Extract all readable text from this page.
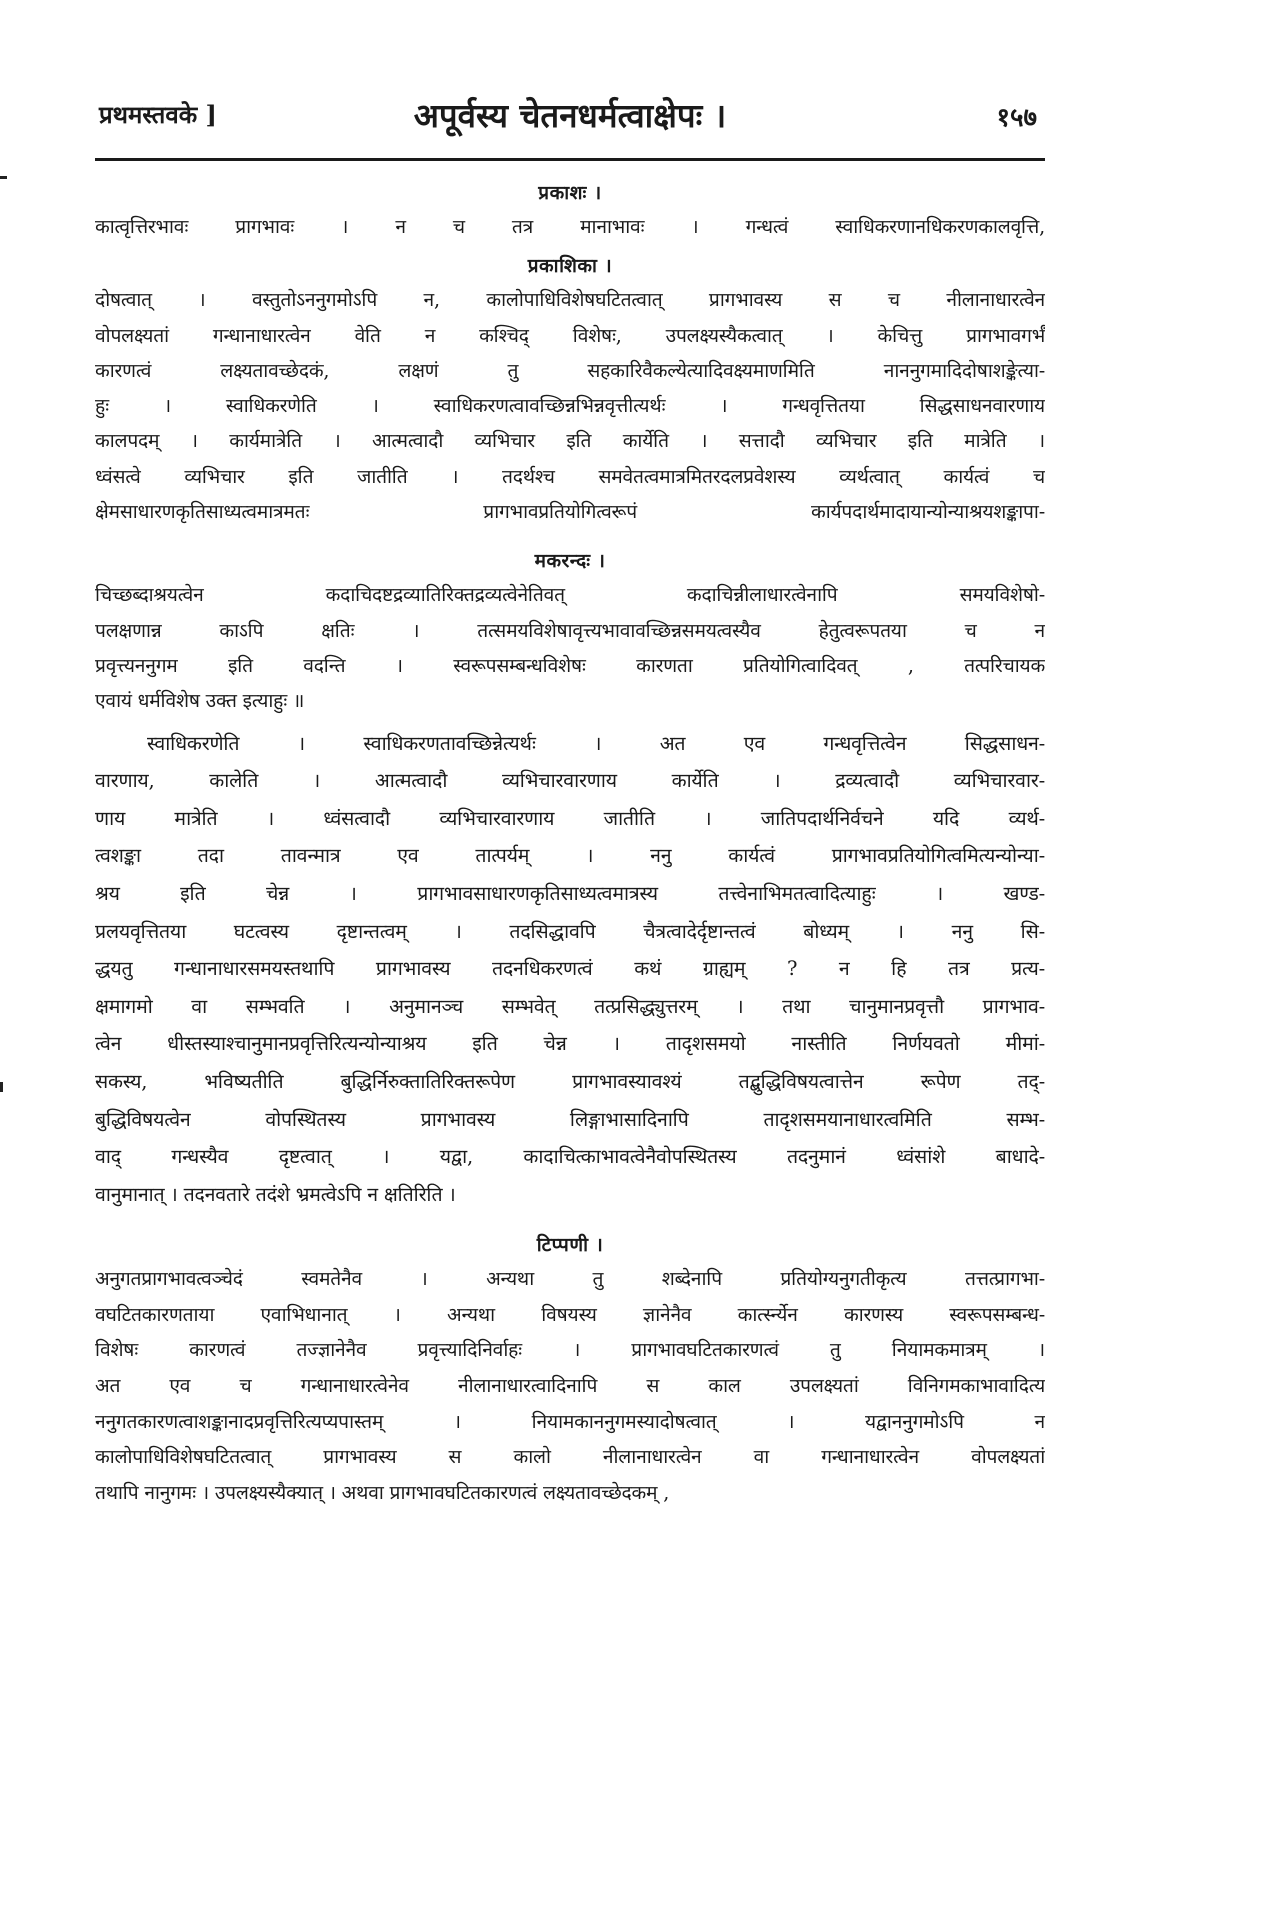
प्रथमस्तवके ]	अपूर्वस्य चेतनधर्मत्वाक्षेपः ।	१५७
प्रकाशः ।
कात्वृत्तिरभावः प्रागभावः । न च तत्र मानाभावः । गन्धत्वं स्वाधिकरणानधिकरणकालवृत्ति,
प्रकाशिका ।
दोषत्वात् । वस्तुतोऽननुगमोऽपि न, कालोपाधिविशेषघटितत्वात् प्रागभावस्य स च नीलानाधारत्वेन
वोपलक्ष्यतां गन्धानाधारत्वेन वेति न कश्चिद् विशेषः, उपलक्ष्यस्यैकत्वात् । केचित्तु प्रागभावगर्भं
कारणत्वं लक्ष्यतावच्छेदकं, लक्षणं तु सहकारिवैकल्येत्यादिवक्ष्यमाणमिति नाननुगमादिदोषाशङ्केत्या-
हुः । स्वाधिकरणेति । स्वाधिकरणत्वावच्छिन्नभिन्नवृत्तीत्यर्थः । गन्धवृत्तितया सिद्धसाधनवारणाय
कालपदम् । कार्यमात्रेति । आत्मत्वादौ व्यभिचार इति कार्येति । सत्तादौ व्यभिचार इति मात्रेति ।
ध्वंसत्वे व्यभिचार इति जातीति । तदर्थश्च समवेतत्वमात्रमितरदलप्रवेशस्य व्यर्थत्वात् कार्यत्वं च
क्षेमसाधारणकृतिसाध्यत्वमात्रमतः प्रागभावप्रतियोगित्वरूपं कार्यपदार्थमादायान्योन्याश्रयशङ्कापा-
मकरन्दः ।
चिच्छब्दाश्रयत्वेन कदाचिदष्टद्रव्यातिरिक्तद्रव्यत्वेनेतिवत् कदाचिन्नीलाधारत्वेनापि समयविशेषो-
पलक्षणान्न काऽपि क्षतिः । तत्समयविशेषावृत्त्यभावावच्छिन्नसमयत्वस्यैव हेतुत्वरूपतया च न
प्रवृत्त्यननुगम इति वदन्ति । स्वरूपसम्बन्धविशेषः कारणता प्रतियोगित्वादिवत् , तत्परिचायक
एवायं धर्मविशेष उक्त इत्याहुः ॥
स्वाधिकरणेति । स्वाधिकरणतावच्छिन्नेत्यर्थः । अत एव गन्धवृत्तित्वेन सिद्धसाधन-
वारणाय, कालेति । आत्मत्वादौ व्यभिचारवारणाय कार्येति । द्रव्यत्वादौ व्यभिचारवार-
णाय मात्रेति । ध्वंसत्वादौ व्यभिचारवारणाय जातीति । जातिपदार्थनिर्वचने यदि व्यर्थ-
त्वशङ्का तदा तावन्मात्र एव तात्पर्यम् । ननु कार्यत्वं प्रागभावप्रतियोगित्वमित्यन्योन्या-
श्रय इति चेन्न । प्रागभावसाधारणकृतिसाध्यत्वमात्रस्य तत्त्वेनाभिमतत्वादित्याहुः । खण्ड-
प्रलयवृत्तितया घटत्वस्य दृष्टान्तत्वम् । तदसिद्धावपि चैत्रत्वादेर्दृष्टान्तत्वं बोध्यम् । ननु सि-
द्धयतु गन्धानाधारसमयस्तथापि प्रागभावस्य तदनधिकरणत्वं कथं ग्राह्यम् ? न हि तत्र प्रत्य-
क्षमागमो वा सम्भवति । अनुमानञ्च सम्भवेत् तत्प्रसिद्ध्युत्तरम् । तथा चानुमानप्रवृत्तौ प्रागभाव-
त्वेन धीस्तस्याश्चानुमानप्रवृत्तिरित्यन्योन्याश्रय इति चेन्न । तादृशसमयो नास्तीति निर्णयवतो मीमां-
सकस्य, भविष्यतीति बुद्धिर्निरुक्तातिरिक्तरूपेण प्रागभावस्यावश्यं तद्बुद्धिविषयत्वात्तेन रूपेण तद्-
बुद्धिविषयत्वेन वोपस्थितस्य प्रागभावस्य लिङ्गाभासादिनापि तादृशसमयानाधारत्वमिति सम्भ-
वाद् गन्धस्यैव दृष्टत्वात् । यद्वा, कादाचित्काभावत्वेनैवोपस्थितस्य तदनुमानं ध्वंसांशे बाधादे-
वानुमानात् । तदनवतारे तदंशे भ्रमत्वेऽपि न क्षतिरिति ।
टिप्पणी ।
अनुगतप्रागभावत्वञ्चेदं स्वमतेनैव । अन्यथा तु शब्देनापि प्रतियोग्यनुगतीकृत्य तत्तत्प्रागभा-
वघटितकारणताया एवाभिधानात् । अन्यथा विषयस्य ज्ञानेनैव कार्त्स्न्येन कारणस्य स्वरूपसम्बन्ध-
विशेषः कारणत्वं तज्ज्ञानेनैव प्रवृत्त्यादिनिर्वाहः । प्रागभावघटितकारणत्वं तु नियामकमात्रम् ।
अत एव च गन्धानाधारत्वेनेव नीलानाधारत्वादिनापि स काल उपलक्ष्यतां विनिगमकाभावादित्य
ननुगतकारणत्वाशङ्कानादप्रवृत्तिरित्यप्यपास्तम् । नियामकाननुगमस्यादोषत्वात् । यद्वाननुगमोऽपि न
कालोपाधिविशेषघटितत्वात् प्रागभावस्य स कालो नीलानाधारत्वेन वा गन्धानाधारत्वेन वोपलक्ष्यतां
तथापि नानुगमः । उपलक्ष्यस्यैक्यात् । अथवा प्रागभावघटितकारणत्वं लक्ष्यतावच्छेदकम् ,
